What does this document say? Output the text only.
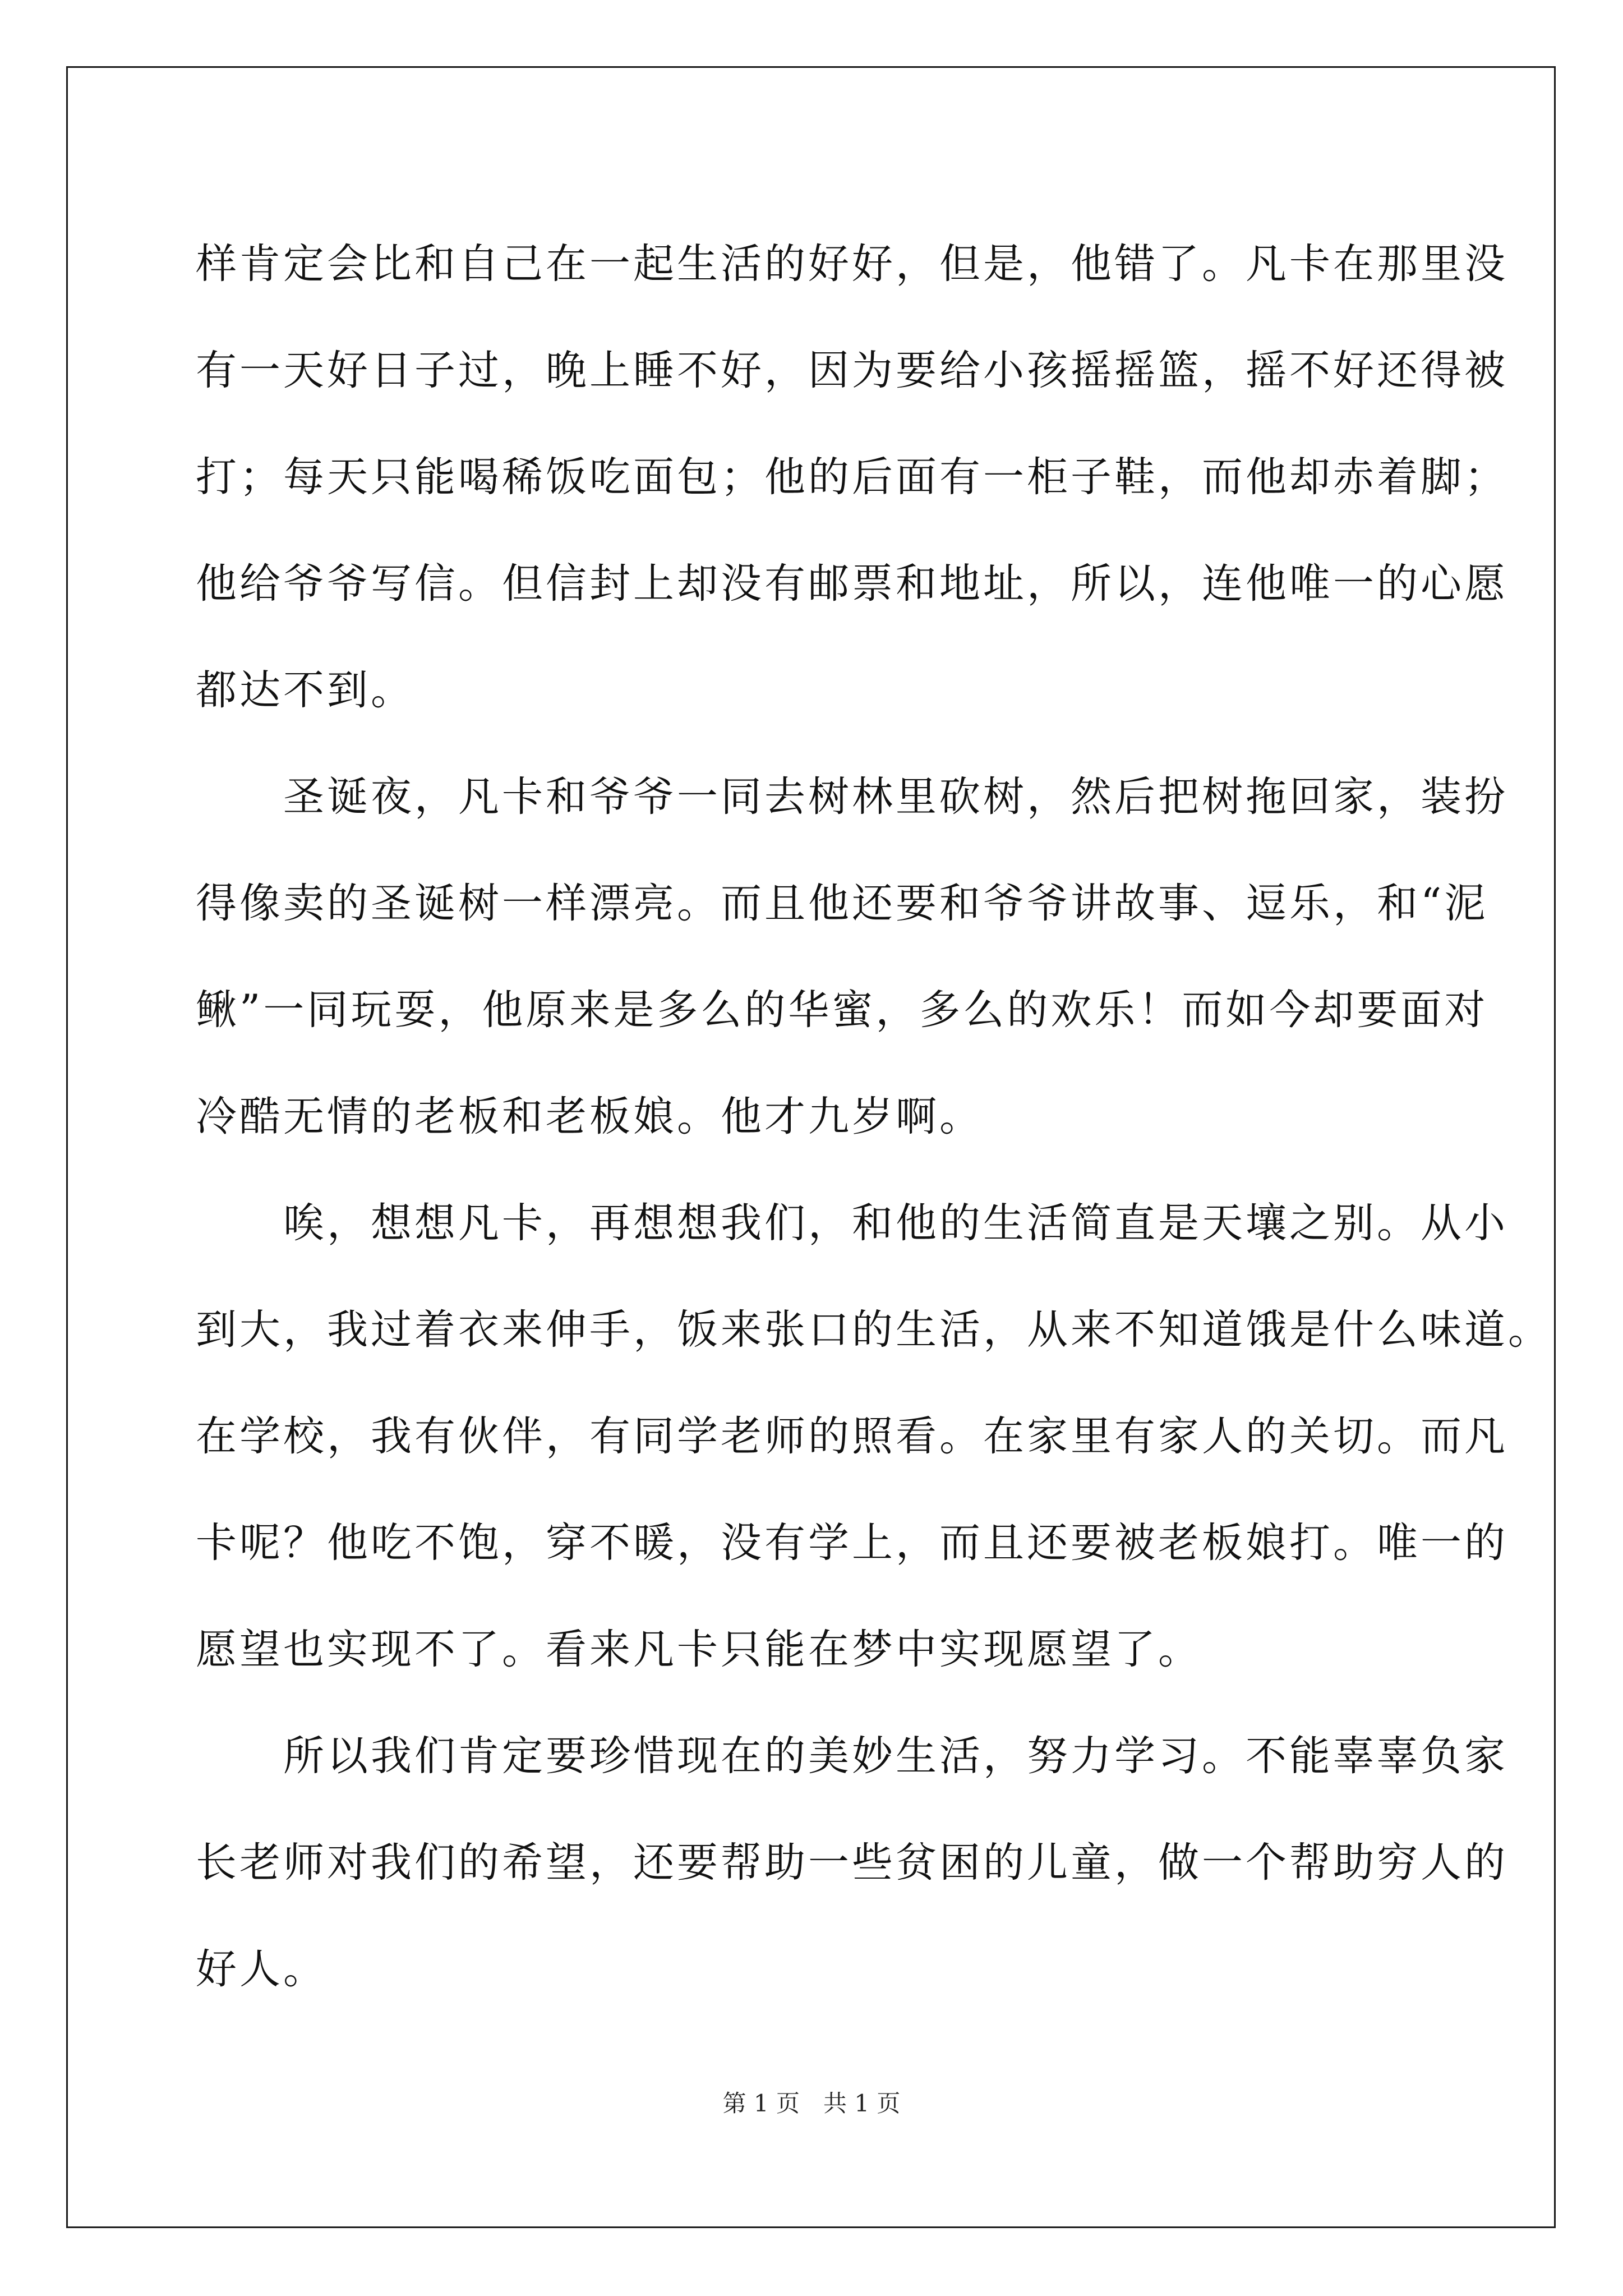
样肯定会比和自己在一起生活的好好，但是，他错了。凡卡在那里没
有一天好日子过，晚上睡不好，因为要给小孩摇摇篮，摇不好还得被
打；每天只能喝稀饭吃面包；他的后面有一柜子鞋，而他却赤着脚；
他给爷爷写信。但信封上却没有邮票和地址，所以，连他唯一的心愿
都达不到。
　　圣诞夜，凡卡和爷爷一同去树林里砍树，然后把树拖回家，装扮
得像卖的圣诞树一样漂亮。而且他还要和爷爷讲故事、逗乐，和“泥
鳅”一同玩耍，他原来是多么的华蜜，多么的欢乐！而如今却要面对
冷酷无情的老板和老板娘。他才九岁啊。
　　唉，想想凡卡，再想想我们，和他的生活简直是天壤之别。从小
到大，我过着衣来伸手，饭来张口的生活，从来不知道饿是什么味道。
在学校，我有伙伴，有同学老师的照看。在家里有家人的关切。而凡
卡呢？他吃不饱，穿不暖，没有学上，而且还要被老板娘打。唯一的
愿望也实现不了。看来凡卡只能在梦中实现愿望了。
　　所以我们肯定要珍惜现在的美妙生活，努力学习。不能辜辜负家
长老师对我们的希望，还要帮助一些贫困的儿童，做一个帮助穷人的
好人。
第 1 页　共 1 页
